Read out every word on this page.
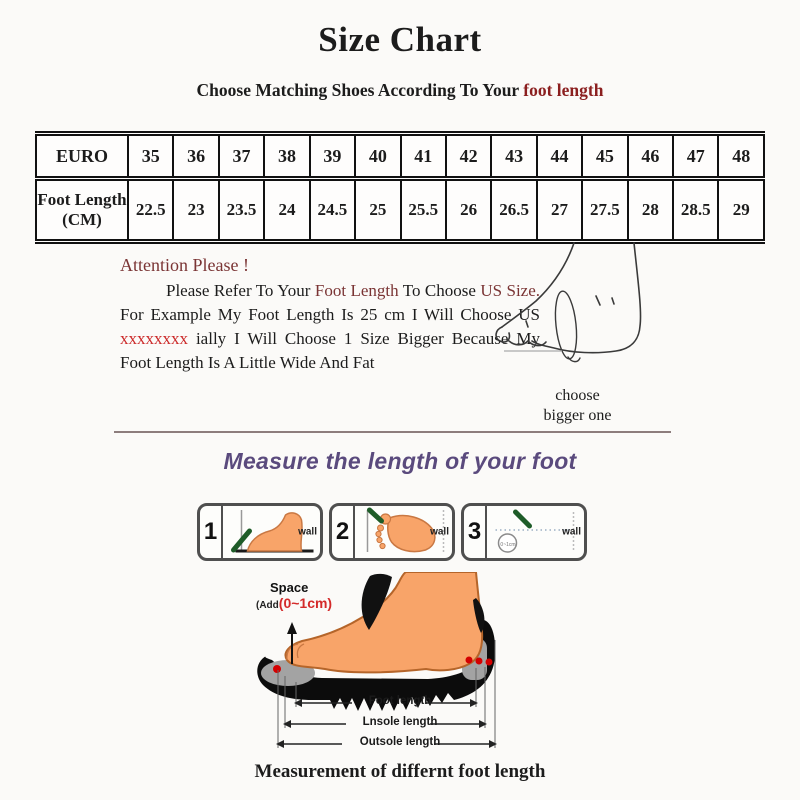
Size Chart
Choose Matching Shoes According To Your foot length
EURO	35	36	37	38	39	40	41	42	43	44	45	46	47	48
Foot Length (CM)	22.5	23	23.5	24	24.5	25	25.5	26	26.5	27	27.5	28	28.5	29
Attention Please !

Please Refer To Your Foot Length To Choose US Size. For Example My Foot Length Is 25 cm I Will Choose US xxxxxxxx ially I Will Choose 1 Size Bigger Because My Foot Length Is A Little Wide And Fat

choose
bigger one
Measure the length of your foot
1	wall 2	wall 3	0~1cm
wall
Space
(Add(0~1cm)
Foot length
Lnsole length
Outsole length
Measurement of differnt foot length
